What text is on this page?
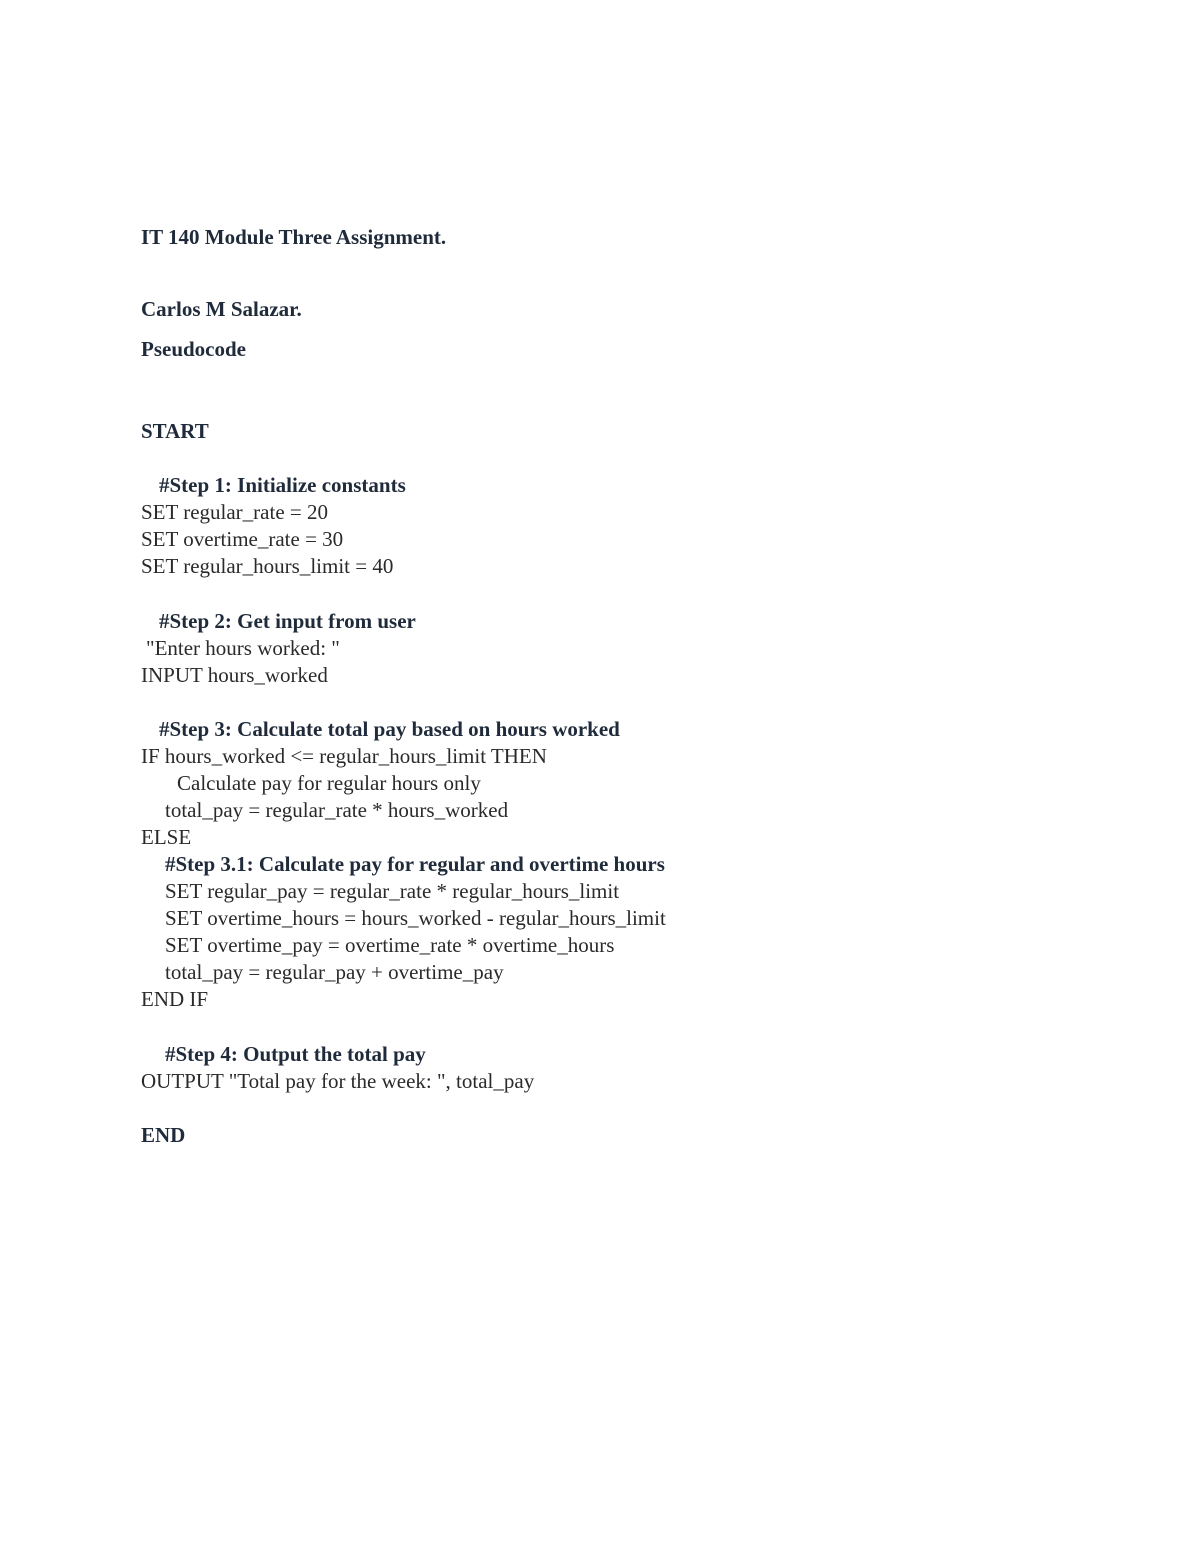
IT 140 Module Three Assignment.
Carlos M Salazar.
Pseudocode
START
#Step 1: Initialize constants
SET regular_rate = 20
SET overtime_rate = 30
SET regular_hours_limit = 40
#Step 2: Get input from user
"Enter hours worked: "
INPUT hours_worked
#Step 3: Calculate total pay based on hours worked
IF hours_worked <= regular_hours_limit THEN
Calculate pay for regular hours only
total_pay = regular_rate * hours_worked
ELSE
#Step 3.1: Calculate pay for regular and overtime hours
SET regular_pay = regular_rate * regular_hours_limit
SET overtime_hours = hours_worked - regular_hours_limit
SET overtime_pay = overtime_rate * overtime_hours
total_pay = regular_pay + overtime_pay
END IF
#Step 4: Output the total pay
OUTPUT "Total pay for the week: ", total_pay
END
